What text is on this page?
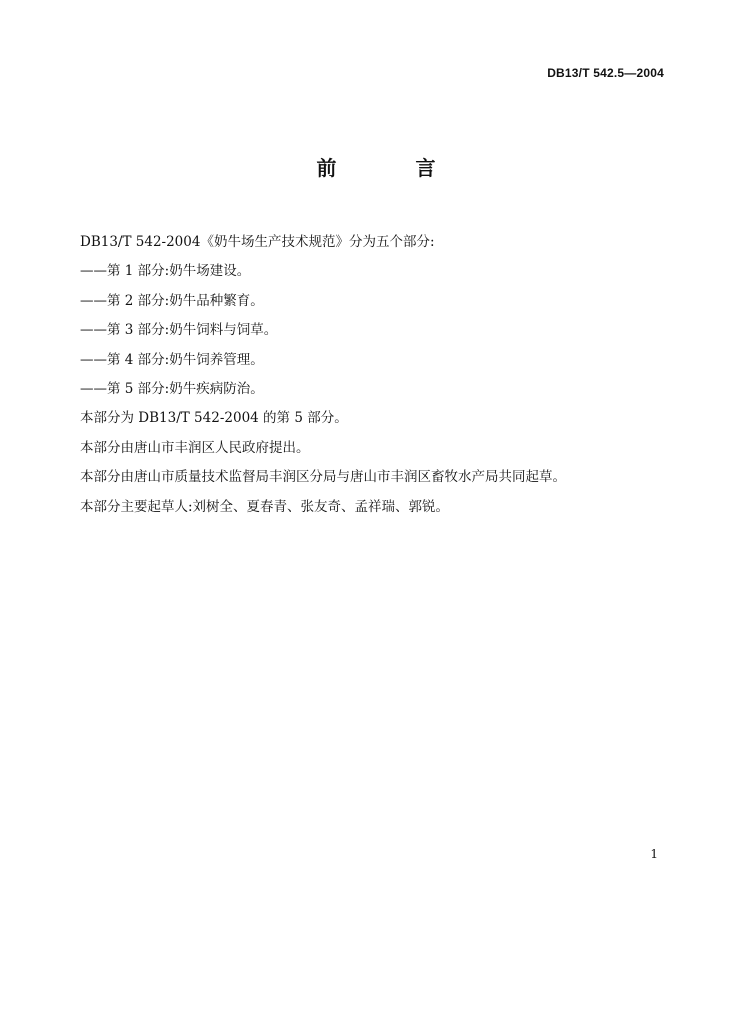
DB13/T 542.5—2004
前 言
DB13/T 542-2004《奶牛场生产技术规范》分为五个部分:
——第 1 部分:奶牛场建设。
——第 2 部分:奶牛品种繁育。
——第 3 部分:奶牛饲料与饲草。
——第 4 部分:奶牛饲养管理。
——第 5 部分:奶牛疾病防治。
本部分为 DB13/T 542-2004 的第 5 部分。
本部分由唐山市丰润区人民政府提出。
本部分由唐山市质量技术监督局丰润区分局与唐山市丰润区畜牧水产局共同起草。
本部分主要起草人:刘树全、夏春青、张友奇、孟祥瑞、郭锐。
1
